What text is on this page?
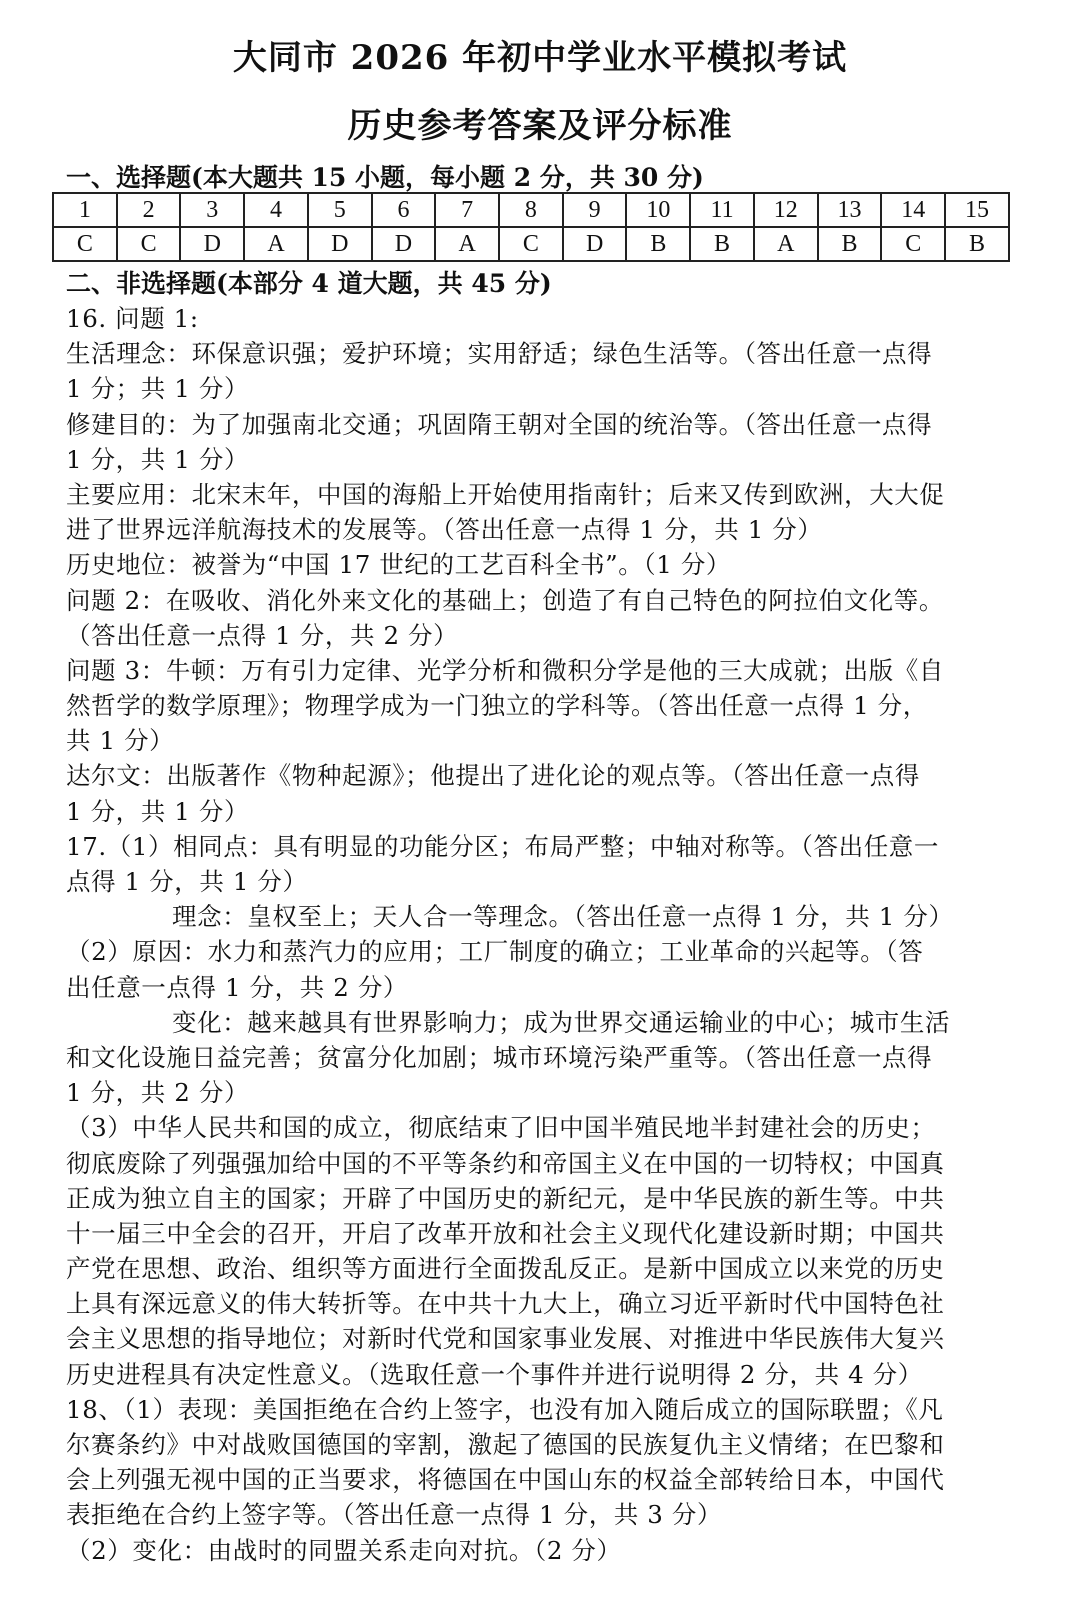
大同市 2026 年初中学业水平模拟考试
历史参考答案及评分标准
一、选择题(本大题共 15 小题，每小题 2 分，共 30 分)
1	2	3	4	5	6	7	8	9	10	11	12	13	14	15
C	C	D	A	D	D	A	C	D	B	B	A	B	C	B
二、非选择题(本部分 4 道大题，共 45 分)
16. 问题 1:
生活理念：环保意识强；爱护环境；实用舒适；绿色生活等。（答出任意一点得
1 分；共 1 分）
修建目的：为了加强南北交通；巩固隋王朝对全国的统治等。（答出任意一点得
1 分，共 1 分）
主要应用：北宋末年，中国的海船上开始使用指南针；后来又传到欧洲，大大促
进了世界远洋航海技术的发展等。（答出任意一点得 1 分，共 1 分）
历史地位：被誉为“中国 17 世纪的工艺百科全书”。（1 分）
问题 2：在吸收、消化外来文化的基础上；创造了有自己特色的阿拉伯文化等。
（答出任意一点得 1 分，共 2 分）
问题 3：牛顿：万有引力定律、光学分析和微积分学是他的三大成就；出版《自
然哲学的数学原理》；物理学成为一门独立的学科等。（答出任意一点得 1 分，
共 1 分）
达尔文：出版著作《物种起源》；他提出了进化论的观点等。（答出任意一点得
1 分，共 1 分）
17.（1）相同点：具有明显的功能分区；布局严整；中轴对称等。（答出任意一
点得 1 分，共 1 分）
理念：皇权至上；天人合一等理念。（答出任意一点得 1 分，共 1 分）
（2）原因：水力和蒸汽力的应用；工厂制度的确立；工业革命的兴起等。（答
出任意一点得 1 分，共 2 分）
变化：越来越具有世界影响力；成为世界交通运输业的中心；城市生活
和文化设施日益完善；贫富分化加剧；城市环境污染严重等。（答出任意一点得
1 分，共 2 分）
（3）中华人民共和国的成立，彻底结束了旧中国半殖民地半封建社会的历史；
彻底废除了列强强加给中国的不平等条约和帝国主义在中国的一切特权；中国真
正成为独立自主的国家；开辟了中国历史的新纪元，是中华民族的新生等。中共
十一届三中全会的召开，开启了改革开放和社会主义现代化建设新时期；中国共
产党在思想、政治、组织等方面进行全面拨乱反正。是新中国成立以来党的历史
上具有深远意义的伟大转折等。在中共十九大上，确立习近平新时代中国特色社
会主义思想的指导地位；对新时代党和国家事业发展、对推进中华民族伟大复兴
历史进程具有决定性意义。（选取任意一个事件并进行说明得 2 分，共 4 分）
18、（1）表现：美国拒绝在合约上签字，也没有加入随后成立的国际联盟；《凡
尔赛条约》中对战败国德国的宰割，激起了德国的民族复仇主义情绪；在巴黎和
会上列强无视中国的正当要求，将德国在中国山东的权益全部转给日本，中国代
表拒绝在合约上签字等。（答出任意一点得 1 分，共 3 分）
（2）变化：由战时的同盟关系走向对抗。（2 分）
